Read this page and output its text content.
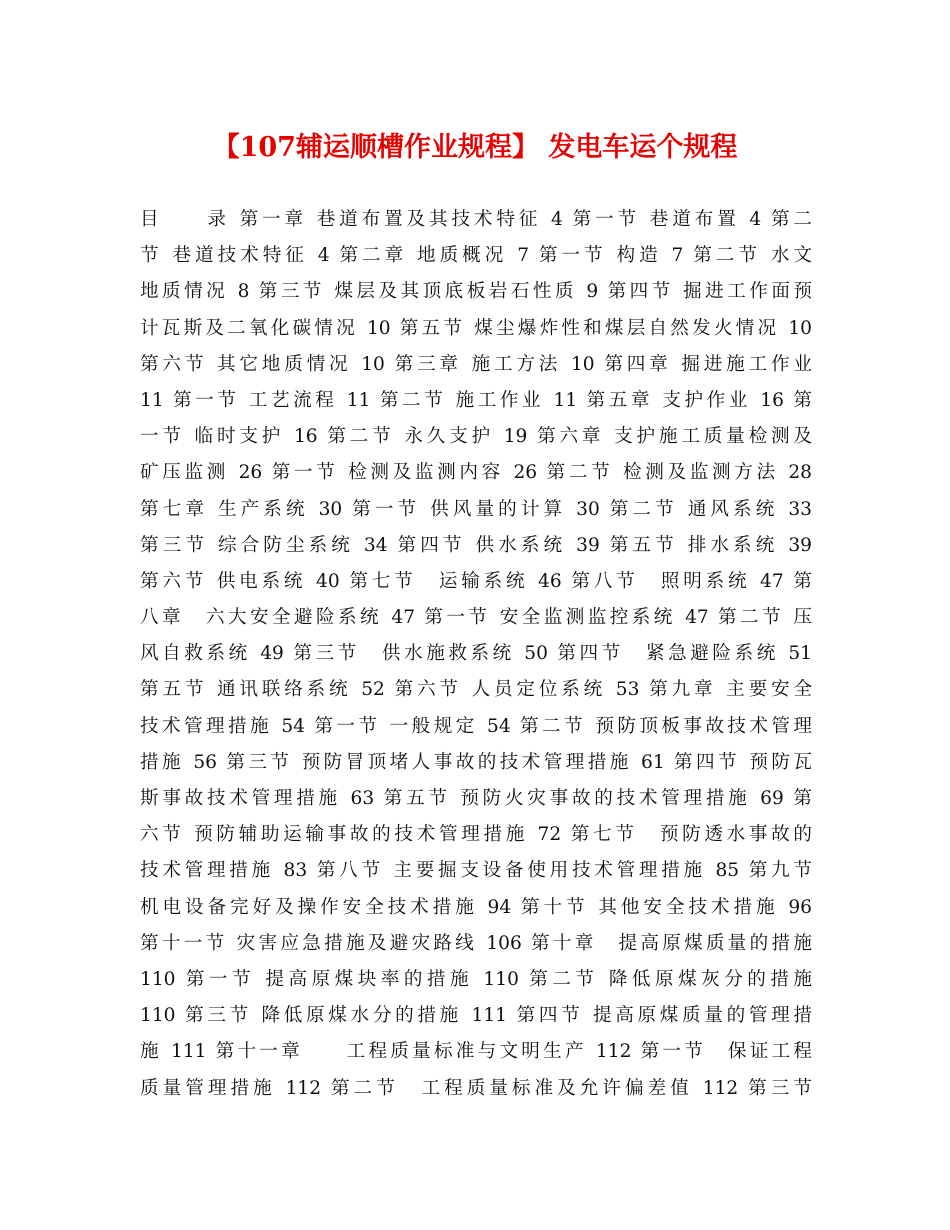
【107辅运顺槽作业规程】 发电车运个规程
目　　录 第一章 巷道布置及其技术特征 4 第一节 巷道布置 4 第二
节 巷道技术特征 4 第二章 地质概况 7 第一节 构造 7 第二节 水文
地质情况 8 第三节 煤层及其顶底板岩石性质 9 第四节 掘进工作面预
计瓦斯及二氧化碳情况 10 第五节 煤尘爆炸性和煤层自然发火情况 10
第六节 其它地质情况 10 第三章 施工方法 10 第四章 掘进施工作业
11 第一节 工艺流程 11 第二节 施工作业 11 第五章 支护作业 16 第
一节 临时支护 16 第二节 永久支护 19 第六章 支护施工质量检测及
矿压监测 26 第一节 检测及监测内容 26 第二节 检测及监测方法 28
第七章 生产系统 30 第一节 供风量的计算 30 第二节 通风系统 33
第三节 综合防尘系统 34 第四节 供水系统 39 第五节 排水系统 39
第六节 供电系统 40 第七节　运输系统 46 第八节　照明系统 47 第
八章　六大安全避险系统 47 第一节 安全监测监控系统 47 第二节 压
风自救系统 49 第三节　供水施救系统 50 第四节　紧急避险系统 51
第五节 通讯联络系统 52 第六节 人员定位系统 53 第九章 主要安全
技术管理措施 54 第一节 一般规定 54 第二节 预防顶板事故技术管理
措施 56 第三节 预防冒顶堵人事故的技术管理措施 61 第四节 预防瓦
斯事故技术管理措施 63 第五节 预防火灾事故的技术管理措施 69 第
六节 预防辅助运输事故的技术管理措施 72 第七节　预防透水事故的
技术管理措施 83 第八节 主要掘支设备使用技术管理措施 85 第九节
机电设备完好及操作安全技术措施 94 第十节 其他安全技术措施 96
第十一节 灾害应急措施及避灾路线 106 第十章　提高原煤质量的措施
110 第一节 提高原煤块率的措施 110 第二节 降低原煤灰分的措施
110 第三节 降低原煤水分的措施 111 第四节 提高原煤质量的管理措
施 111 第十一章　　工程质量标准与文明生产 112 第一节　保证工程
质量管理措施 112 第二节　工程质量标准及允许偏差值 112 第三节
